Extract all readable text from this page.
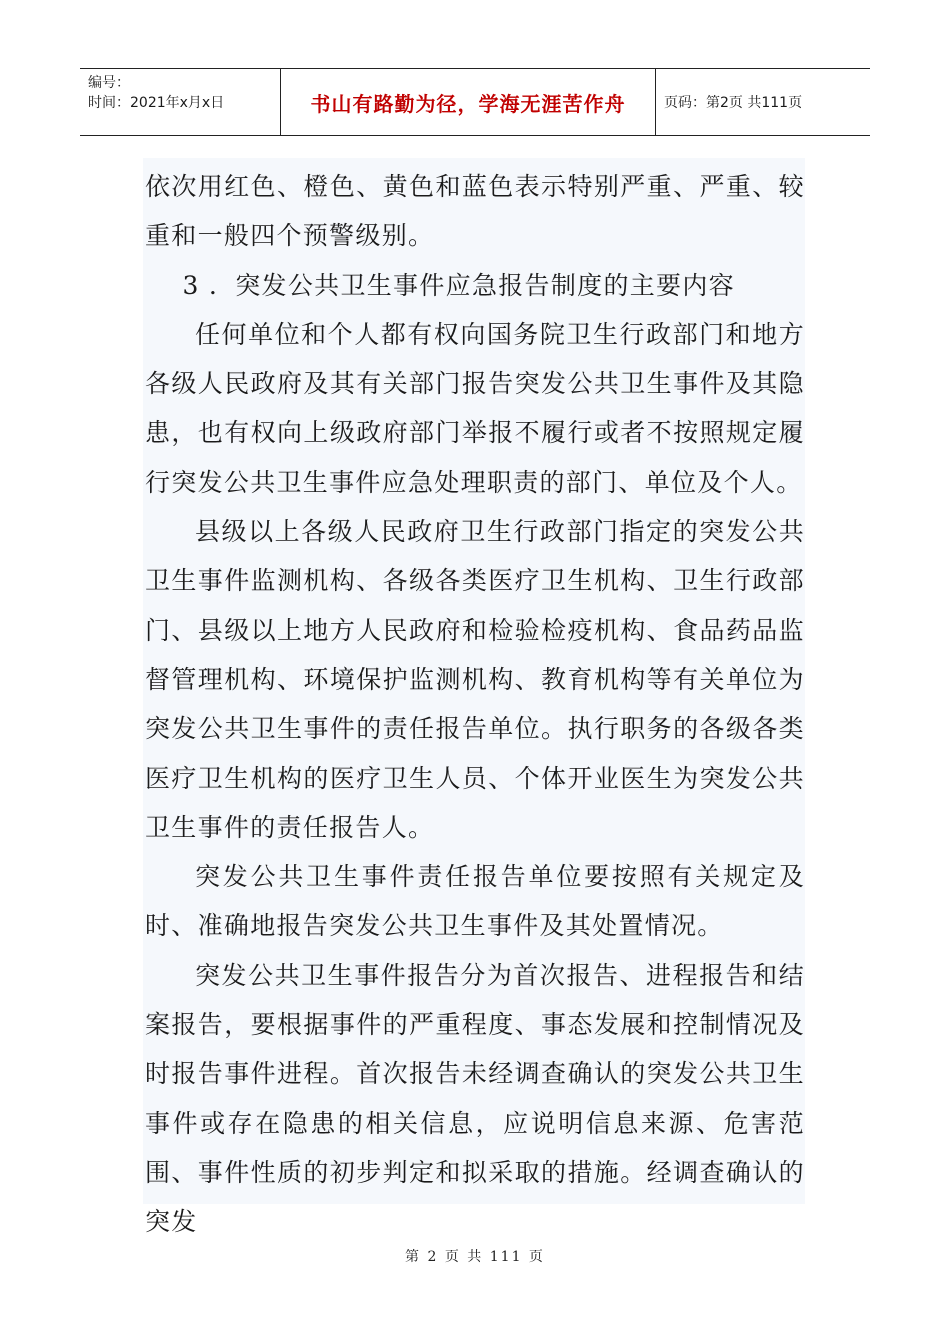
编号：
时间：2021年x月x日	书山有路勤为径，学海无涯苦作舟	页码：第2页 共111页

依次用红色、橙色、黄色和蓝色表示特别严重、严重、较重和一般四个预警级别。

3 ．突发公共卫生事件应急报告制度的主要内容

任何单位和个人都有权向国务院卫生行政部门和地方各级人民政府及其有关部门报告突发公共卫生事件及其隐患，也有权向上级政府部门举报不履行或者不按照规定履行突发公共卫生事件应急处理职责的部门、单位及个人。

县级以上各级人民政府卫生行政部门指定的突发公共卫生事件监测机构、各级各类医疗卫生机构、卫生行政部门、县级以上地方人民政府和检验检疫机构、食品药品监督管理机构、环境保护监测机构、教育机构等有关单位为突发公共卫生事件的责任报告单位。执行职务的各级各类医疗卫生机构的医疗卫生人员、个体开业医生为突发公共卫生事件的责任报告人。

突发公共卫生事件责任报告单位要按照有关规定及时、准确地报告突发公共卫生事件及其处置情况。

突发公共卫生事件报告分为首次报告、进程报告和结案报告，要根据事件的严重程度、事态发展和控制情况及时报告事件进程。首次报告未经调查确认的突发公共卫生事件或存在隐患的相关信息，应说明信息来源、危害范围、事件性质的初步判定和拟采取的措施。经调查确认的突发

第 2 页 共 111 页
